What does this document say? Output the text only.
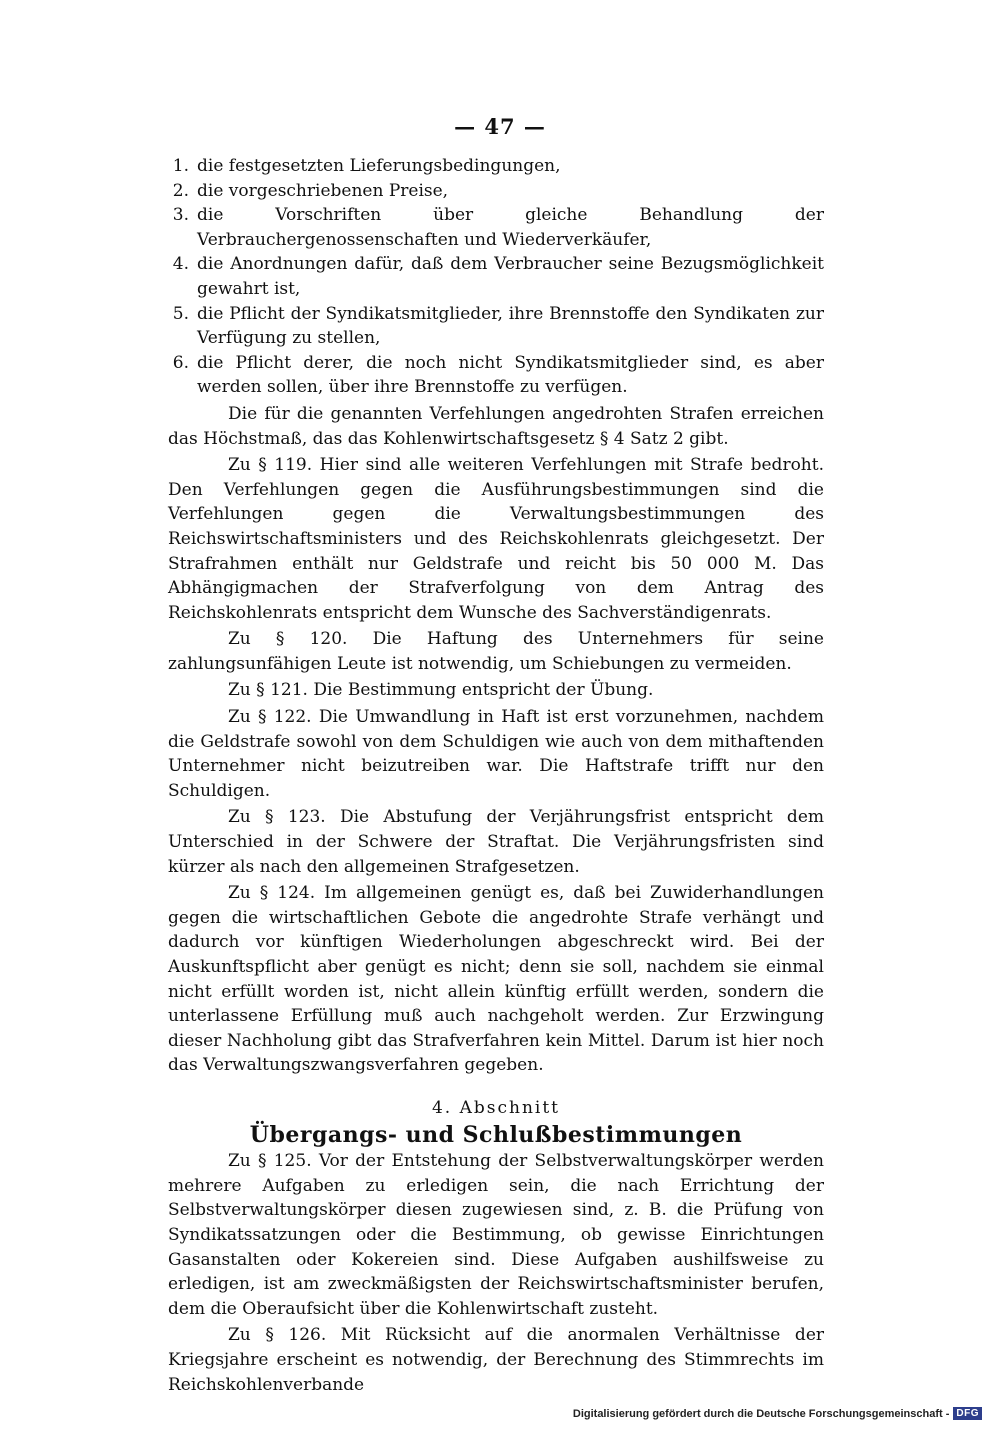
— 47 —
1. die festgesetzten Lieferungsbedingungen,
2. die vorgeschriebenen Preise,
3. die Vorschriften über gleiche Behandlung der Verbrauchergenossenschaften und Wiederverkäufer,
4. die Anordnungen dafür, daß dem Verbraucher seine Bezugsmöglichkeit gewahrt ist,
5. die Pflicht der Syndikatsmitglieder, ihre Brennstoffe den Syndikaten zur Verfügung zu stellen,
6. die Pflicht derer, die noch nicht Syndikatsmitglieder sind, es aber werden sollen, über ihre Brennstoffe zu verfügen.

Die für die genannten Verfehlungen angedrohten Strafen erreichen das Höchstmaß, das das Kohlenwirtschaftsgesetz § 4 Satz 2 gibt.

Zu § 119. Hier sind alle weiteren Verfehlungen mit Strafe bedroht. Den Verfehlungen gegen die Ausführungsbestimmungen sind die Verfehlungen gegen die Verwaltungsbestimmungen des Reichswirtschaftsministers und des Reichskohlenrats gleichgesetzt. Der Strafrahmen enthält nur Geldstrafe und reicht bis 50 000 M. Das Abhängigmachen der Strafverfolgung von dem Antrag des Reichskohlenrats entspricht dem Wunsche des Sachverständigenrats.

Zu § 120. Die Haftung des Unternehmers für seine zahlungsunfähigen Leute ist notwendig, um Schiebungen zu vermeiden.

Zu § 121. Die Bestimmung entspricht der Übung.

Zu § 122. Die Umwandlung in Haft ist erst vorzunehmen, nachdem die Geldstrafe sowohl von dem Schuldigen wie auch von dem mithaftenden Unternehmer nicht beizutreiben war. Die Haftstrafe trifft nur den Schuldigen.

Zu § 123. Die Abstufung der Verjährungsfrist entspricht dem Unterschied in der Schwere der Straftat. Die Verjährungsfristen sind kürzer als nach den allgemeinen Strafgesetzen.

Zu § 124. Im allgemeinen genügt es, daß bei Zuwiderhandlungen gegen die wirtschaftlichen Gebote die angedrohte Strafe verhängt und dadurch vor künftigen Wiederholungen abgeschreckt wird. Bei der Auskunftspflicht aber genügt es nicht; denn sie soll, nachdem sie einmal nicht erfüllt worden ist, nicht allein künftig erfüllt werden, sondern die unterlassene Erfüllung muß auch nachgeholt werden. Zur Erzwingung dieser Nachholung gibt das Strafverfahren kein Mittel. Darum ist hier noch das Verwaltungszwangsverfahren gegeben.

4. Abschnitt
Übergangs- und Schlußbestimmungen

Zu § 125. Vor der Entstehung der Selbstverwaltungskörper werden mehrere Aufgaben zu erledigen sein, die nach Errichtung der Selbstverwaltungskörper diesen zugewiesen sind, z. B. die Prüfung von Syndikatssatzungen oder die Bestimmung, ob gewisse Einrichtungen Gasanstalten oder Kokereien sind. Diese Aufgaben aushilfsweise zu erledigen, ist am zweckmäßigsten der Reichswirtschaftsminister berufen, dem die Oberaufsicht über die Kohlenwirtschaft zusteht.

Zu § 126. Mit Rücksicht auf die anormalen Verhältnisse der Kriegsjahre erscheint es notwendig, der Berechnung des Stimmrechts im Reichskohlenverbande

Digitalisierung gefördert durch die Deutsche Forschungsgemeinschaft - DFG
